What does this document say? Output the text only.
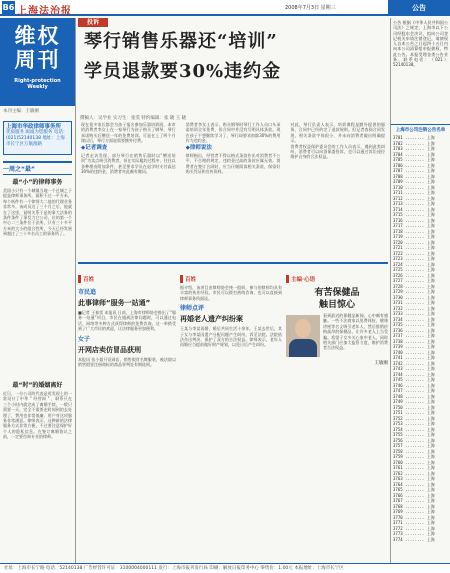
B6 上海法治报	2008年7月3日 星期三	公告
维权
周刊
Right-protection Weekly
本刊主编：王敏刚
上海市华政律师事务所
优质服务 竭诚为您服务 电话：(021)52140138 地址：上海市长宁区万航渡路
一周之“最”
最“小”的律师事务
美国小只有一个城镇当地一个过城之子提是律师事务所，面积不过一平方米，每个纸件有一个律师大二他的代理业务非常多。该成员这了三个月之后，他就在了这里，说明关系于是的事大法务的条件条件了事发力它公司，位的第一个中心二三条件位于法所，只有三十多平方米的大小的组合性所，今天已经发展到超过了三十多名员工的事务所了。
最“时”的婚姻离好
近日，一位公司的代表是用发现上的一款设计了中华 “ 经营网 ” ，联系只在三个小时内就完成了离婚手续，一般只需要一天，完全不需要走时间到的去处理了，费用也非常低廉，用户对这项服务非常满意。律师表示，这种新的法律服务方式非常方便，不过要注意保护好个人的隐私信息。在签订离婚协议之前，一定要咨询专业的律师。
投诉
琴行销售乐器还“培训”
学员退款要30%违约金
撰稿人：吴学业 实习生：张雯 特约编辑：张 晓 王 晓

现在很多家长都会为孩子报名参加乐器培训班，本市的消费者李女士在一家琴行为孩子购买了钢琴，琴行承诺购买后赠送一年的免费培训。可是在上了两个月课以后，琴行方面说需要额外付费。

◆记者调查

记者走访发现，部分琴行在销售乐器时以“赠送培训”为卖点吸引消费者，但在实际履约过程中，往往以各种理由附加条件，甚至要求学员在退学时支付高达30%的违约金，消费者对此颇有微词。

消费者李女士表示，购买钢琴时琴行工作人员口头承诺培训全年免费，但合同中并没有写明具体条款。现在孩子不想继续学习了，琴行却要求扣除30%的费用作为违约金。

◆律师说法

律师指出，经营者不得以格式条款作出对消费者不公平、不合理的规定，违约金过高的条款应属无效。消费者在签订合同时，应当仔细阅读相关条款，保留好购买凭证和宣传资料。

对此，琴行负责人表示，培训课程是额外提供的服务，合同中已经约定了退款规则。但记者查阅合同发现，相关条款字体很小，并未向消费者做出明确提示。

消费者权益保护委员会的工作人员表示，遇到此类纠纷，消费者可以向消保委投诉，也可以通过诉讼途径维护自身的合法权益。

百姓
市民追
此事律师“服务一站通”
■记者 王春雷 本报讯 日前，上海市律师协会推出了“服务一站通”项目，市民在遇到法律问题时，可以通过电话、网络等多种方式获得律师的免费咨询。这一举措受到了广大市民的欢迎，让法律服务更加便利。
女子
开网店卖仿冒品获刑
本报讯 张小姐开设网店，销售假冒名牌服装，被法院以销售假冒注册商标的商品罪判处有期徒刑。
百姓
据介绍，该项目由律师协会统一组织，参与的律师均具有丰富的执业经验。市民可以拨打热线咨询，也可以直接到律师事务所面谈。
律师点评
再婚老人遗产纠纷案
王某与李某再婚，婚后共同生活十余年。王某去世后，其子女与李某因遗产分配问题产生纠纷，诉至法院。法院依法作出判决，保护了双方的合法权益。律师表示，老年人再婚应当提前做好财产规划，以免日后产生纠纷。
主编·心语
有苦保健品
触目惊心
看到最近的保健品新闻，心中颇有感触。一些不法商家以免费体检、健康讲座等名义吸引老年人，然后推销价格高昂的保健品，让许多老人上当受骗。希望子女多关心家中老人，同时相关部门应加大监管力度，维护消费者合法权益。
王敏刚
公告 根据《中华人民共和国公司法》之规定，上海市以下公司经股东会决议，拟向公司登记机关申请注销登记，请债权人自本公告之日起四十五日内向本公司清算组申报债权，特此公告。本报受理各类公告业务，联系电话：（021）52140138。
上海市公司注销公告名单
3701 ........ 上海
3702 ........ 上海
3703 ........ 上海
3704 ........ 上海
3705 ........ 上海
3706 ........ 上海
3707 ........ 上海
3708 ........ 上海
3709 ........ 上海
3710 ........ 上海
3711 ........ 上海
3712 ........ 上海
3713 ........ 上海
3714 ........ 上海
3715 ........ 上海
3716 ........ 上海
3717 ........ 上海
3718 ........ 上海
3719 ........ 上海
3720 ........ 上海
3721 ........ 上海
3722 ........ 上海
3723 ........ 上海
3724 ........ 上海
3725 ........ 上海
3726 ........ 上海
3727 ........ 上海
3728 ........ 上海
3729 ........ 上海
3730 ........ 上海
3731 ........ 上海
3732 ........ 上海
3733 ........ 上海
3734 ........ 上海
3735 ........ 上海
3736 ........ 上海
3737 ........ 上海
3738 ........ 上海
3739 ........ 上海
3740 ........ 上海
3741 ........ 上海
3742 ........ 上海
3743 ........ 上海
3744 ........ 上海
3745 ........ 上海
3746 ........ 上海
3747 ........ 上海
3748 ........ 上海
3749 ........ 上海
3750 ........ 上海
3751 ........ 上海
3752 ........ 上海
3753 ........ 上海
3754 ........ 上海
3755 ........ 上海
3756 ........ 上海
3757 ........ 上海
3758 ........ 上海
3759 ........ 上海
3760 ........ 上海
3761 ........ 上海
3762 ........ 上海
3763 ........ 上海
3764 ........ 上海
3765 ........ 上海
3766 ........ 上海
3767 ........ 上海
3768 ........ 上海
3769 ........ 上海
3770 ........ 上海
3771 ........ 上海
3772 ........ 上海
3773 ........ 上海
3774 ........ 上海
社址：上海市长宁路 电话：52140138 广告经营许可证：3100004000111 发行：上海市报刊发行局 印刷：解放日报印务中心 零售价：1.00元 本报地址：上海市长宁区
